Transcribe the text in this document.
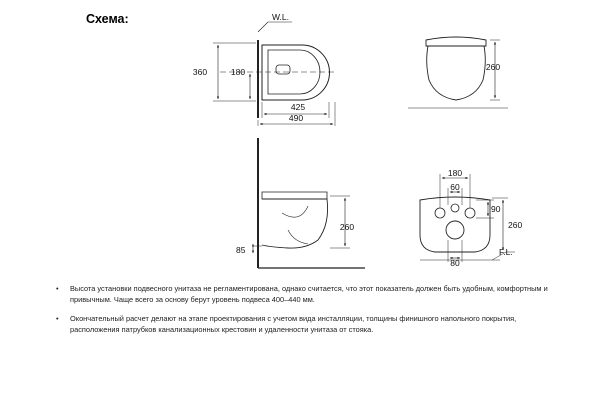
W.L.
360	180
425
490
260
260
85
180
60
90
260
80
F.L.
Схема:
• Высота установки подвесного унитаза не регламентирована, однако считается, что этот показатель должен быть удобным, комфортным и привычным. Чаще всего за основу берут уровень подвеса 400–440 мм.
• Окончательный расчет делают на этапе проектирования с учетом вида инсталляции, толщины финишного напольного покрытия, расположения патрубков канализационных крестовин и удаленности унитаза от стояка.
